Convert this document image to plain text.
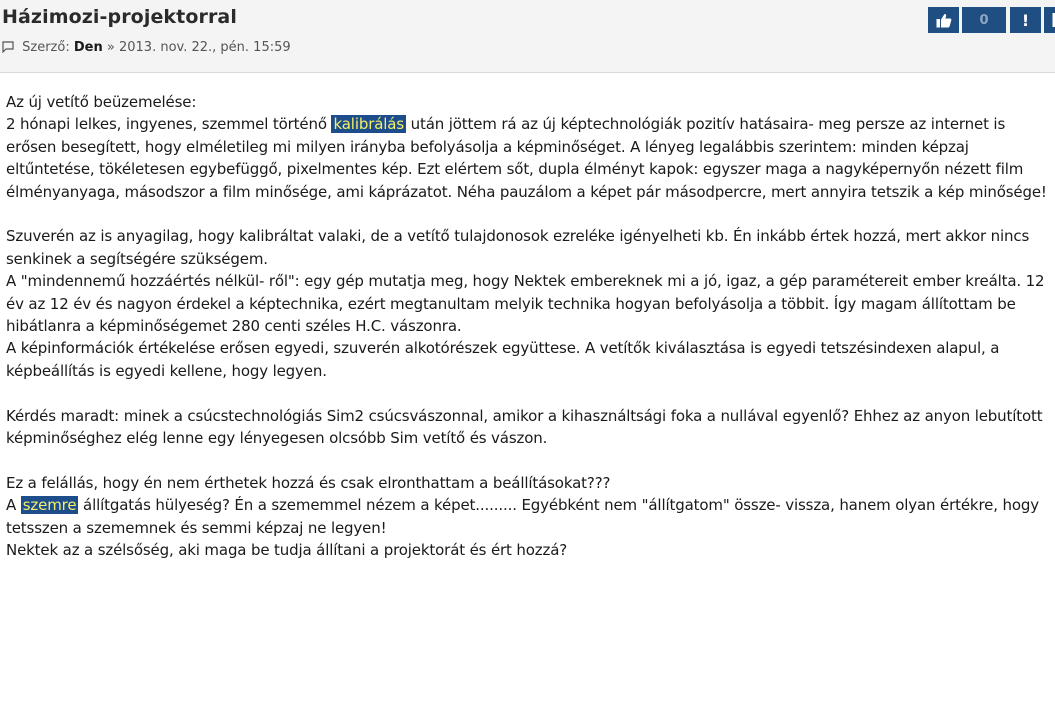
Házimozi-projektorral
Szerző: Den » 2013. nov. 22., pén. 15:59
0	!

Az új vetítő beüzemelése:

2 hónapi lelkes, ingyenes, szemmel történő kalibrálás után jöttem rá az új képtechnológiák pozitív hatásaira- meg persze az internet is erősen besegített, hogy elméletileg mi milyen irányba befolyásolja a képminőséget. A lényeg legalábbis szerintem: minden képzaj eltűntetése, tökéletesen egybefüggő, pixelmentes kép. Ezt elértem sőt, dupla élményt kapok: egyszer maga a nagyképernyőn nézett film élményanyaga, másodszor a film minősége, ami káprázatot. Néha pauzálom a képet pár másodpercre, mert annyira tetszik a kép minősége!

Szuverén az is anyagilag, hogy kalibráltat valaki, de a vetítő tulajdonosok ezreléke igényelheti kb. Én inkább értek hozzá, mert akkor nincs senkinek a segítségére szükségem.

A "mindennemű hozzáértés nélkül- ről": egy gép mutatja meg, hogy Nektek embereknek mi a jó, igaz, a gép paramétereit ember kreálta. 12 év az 12 év és nagyon érdekel a képtechnika, ezért megtanultam melyik technika hogyan befolyásolja a többit. Így magam állítottam be hibátlanra a képminőségemet 280 centi széles H.C. vászonra.

A képinformációk értékelése erősen egyedi, szuverén alkotórészek együttese. A vetítők kiválasztása is egyedi tetszésindexen alapul, a képbeállítás is egyedi kellene, hogy legyen.

Kérdés maradt: minek a csúcstechnológiás Sim2 csúcsvászonnal, amikor a kihasználtsági foka a nullával egyenlő? Ehhez az anyon lebutított képminőséghez elég lenne egy lényegesen olcsóbb Sim vetítő és vászon.

Ez a felállás, hogy én nem érthetek hozzá és csak elronthattam a beállításokat???

A szemre állítgatás hülyeség? Én a szememmel nézem a képet......... Egyébként nem "állítgatom" össze- vissza, hanem olyan értékre, hogy tetsszen a szememnek és semmi képzaj ne legyen!

Nektek az a szélsőség, aki maga be tudja állítani a projektorát és ért hozzá?
